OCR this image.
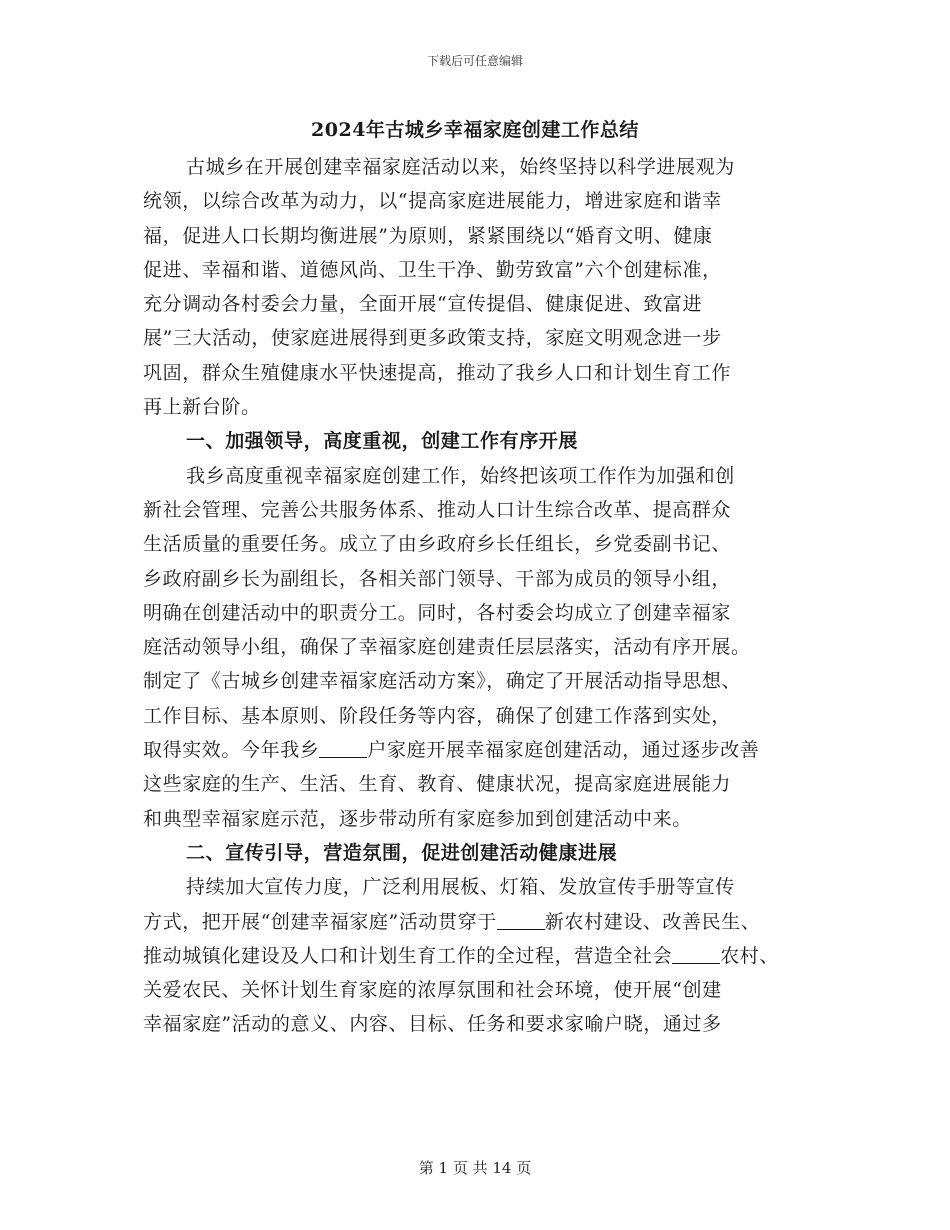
下载后可任意编辑
2024年古城乡幸福家庭创建工作总结
古城乡在开展创建幸福家庭活动以来，始终坚持以科学进展观为
统领，以综合改革为动力，以“提高家庭进展能力，增进家庭和谐幸
福，促进人口长期均衡进展”为原则，紧紧围绕以“婚育文明、健康
促进、幸福和谐、道德风尚、卫生干净、勤劳致富”六个创建标准，
充分调动各村委会力量，全面开展“宣传提倡、健康促进、致富进
展”三大活动，使家庭进展得到更多政策支持，家庭文明观念进一步
巩固，群众生殖健康水平快速提高，推动了我乡人口和计划生育工作
再上新台阶。
一、加强领导，高度重视，创建工作有序开展
我乡高度重视幸福家庭创建工作，始终把该项工作作为加强和创
新社会管理、完善公共服务体系、推动人口计生综合改革、提高群众
生活质量的重要任务。成立了由乡政府乡长任组长，乡党委副书记、
乡政府副乡长为副组长，各相关部门领导、干部为成员的领导小组，
明确在创建活动中的职责分工。同时，各村委会均成立了创建幸福家
庭活动领导小组，确保了幸福家庭创建责任层层落实，活动有序开展。
制定了《古城乡创建幸福家庭活动方案》，确定了开展活动指导思想、
工作目标、基本原则、阶段任务等内容，确保了创建工作落到实处，
取得实效。今年我乡	户家庭开展幸福家庭创建活动，通过逐步改善
这些家庭的生产、生活、生育、教育、健康状况，提高家庭进展能力
和典型幸福家庭示范，逐步带动所有家庭参加到创建活动中来。
二、宣传引导，营造氛围，促进创建活动健康进展
持续加大宣传力度，广泛利用展板、灯箱、发放宣传手册等宣传
方式，把开展“创建幸福家庭”活动贯穿于	新农村建设、改善民生、
推动城镇化建设及人口和计划生育工作的全过程，营造全社会	农村、
关爱农民、关怀计划生育家庭的浓厚氛围和社会环境，使开展“创建
幸福家庭”活动的意义、内容、目标、任务和要求家喻户晓，通过多
第 1 页 共 14 页
